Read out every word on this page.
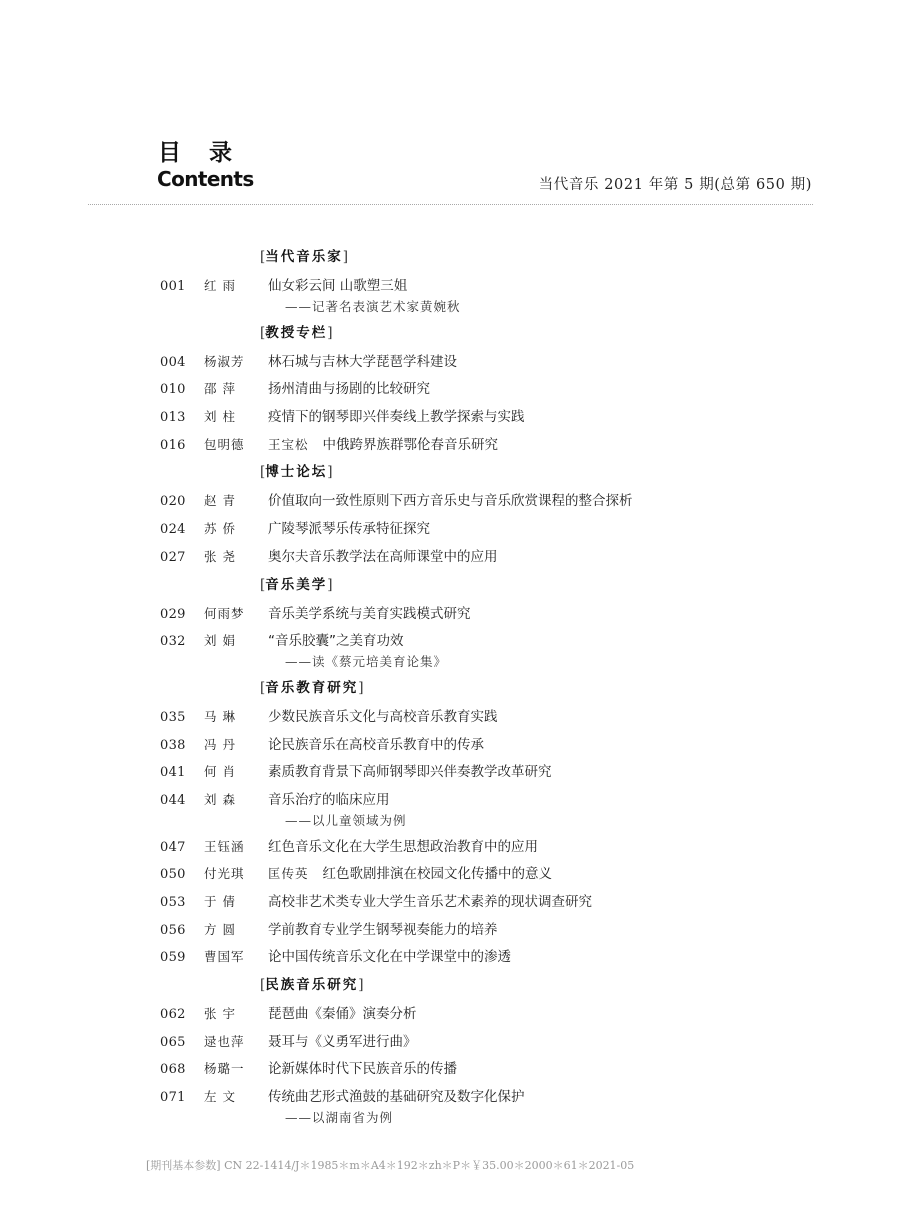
目 录
Contents	当代音乐 2021 年第 5 期(总第 650 期)
[当代音乐家]
001 红 雨 仙女彩云间 山歌塑三姐
——记著名表演艺术家黄婉秋
[教授专栏]
004 杨淑芳 林石城与吉林大学琵琶学科建设
010 邵 萍 扬州清曲与扬剧的比较研究
013 刘 柱 疫情下的钢琴即兴伴奏线上教学探索与实践
016 包明德 王宝松 中俄跨界族群鄂伦春音乐研究
[博士论坛]
020 赵 青 价值取向一致性原则下西方音乐史与音乐欣赏课程的整合探析
024 苏 侨 广陵琴派琴乐传承特征探究
027 张 尧 奥尔夫音乐教学法在高师课堂中的应用
[音乐美学]
029 何雨梦 音乐美学系统与美育实践模式研究
032 刘 娟 “音乐胶囊”之美育功效
——读《蔡元培美育论集》
[音乐教育研究]
035 马 琳 少数民族音乐文化与高校音乐教育实践
038 冯 丹 论民族音乐在高校音乐教育中的传承
041 何 肖 素质教育背景下高师钢琴即兴伴奏教学改革研究
044 刘 森 音乐治疗的临床应用
——以儿童领域为例
047 王钰涵 红色音乐文化在大学生思想政治教育中的应用
050 付光琪 匡传英 红色歌剧排演在校园文化传播中的意义
053 于 倩 高校非艺术类专业大学生音乐艺术素养的现状调查研究
056 方 圆 学前教育专业学生钢琴视奏能力的培养
059 曹国军 论中国传统音乐文化在中学课堂中的渗透
[民族音乐研究]
062 张 宇 琵琶曲《秦俑》演奏分析
065 逯也萍 聂耳与《义勇军进行曲》
068 杨璐一 论新媒体时代下民族音乐的传播
071 左 文 传统曲艺形式渔鼓的基础研究及数字化保护
——以湖南省为例
[期刊基本参数] CN 22-1414/J＊1985＊m＊A4＊192＊zh＊P＊￥35.00＊2000＊61＊2021-05
